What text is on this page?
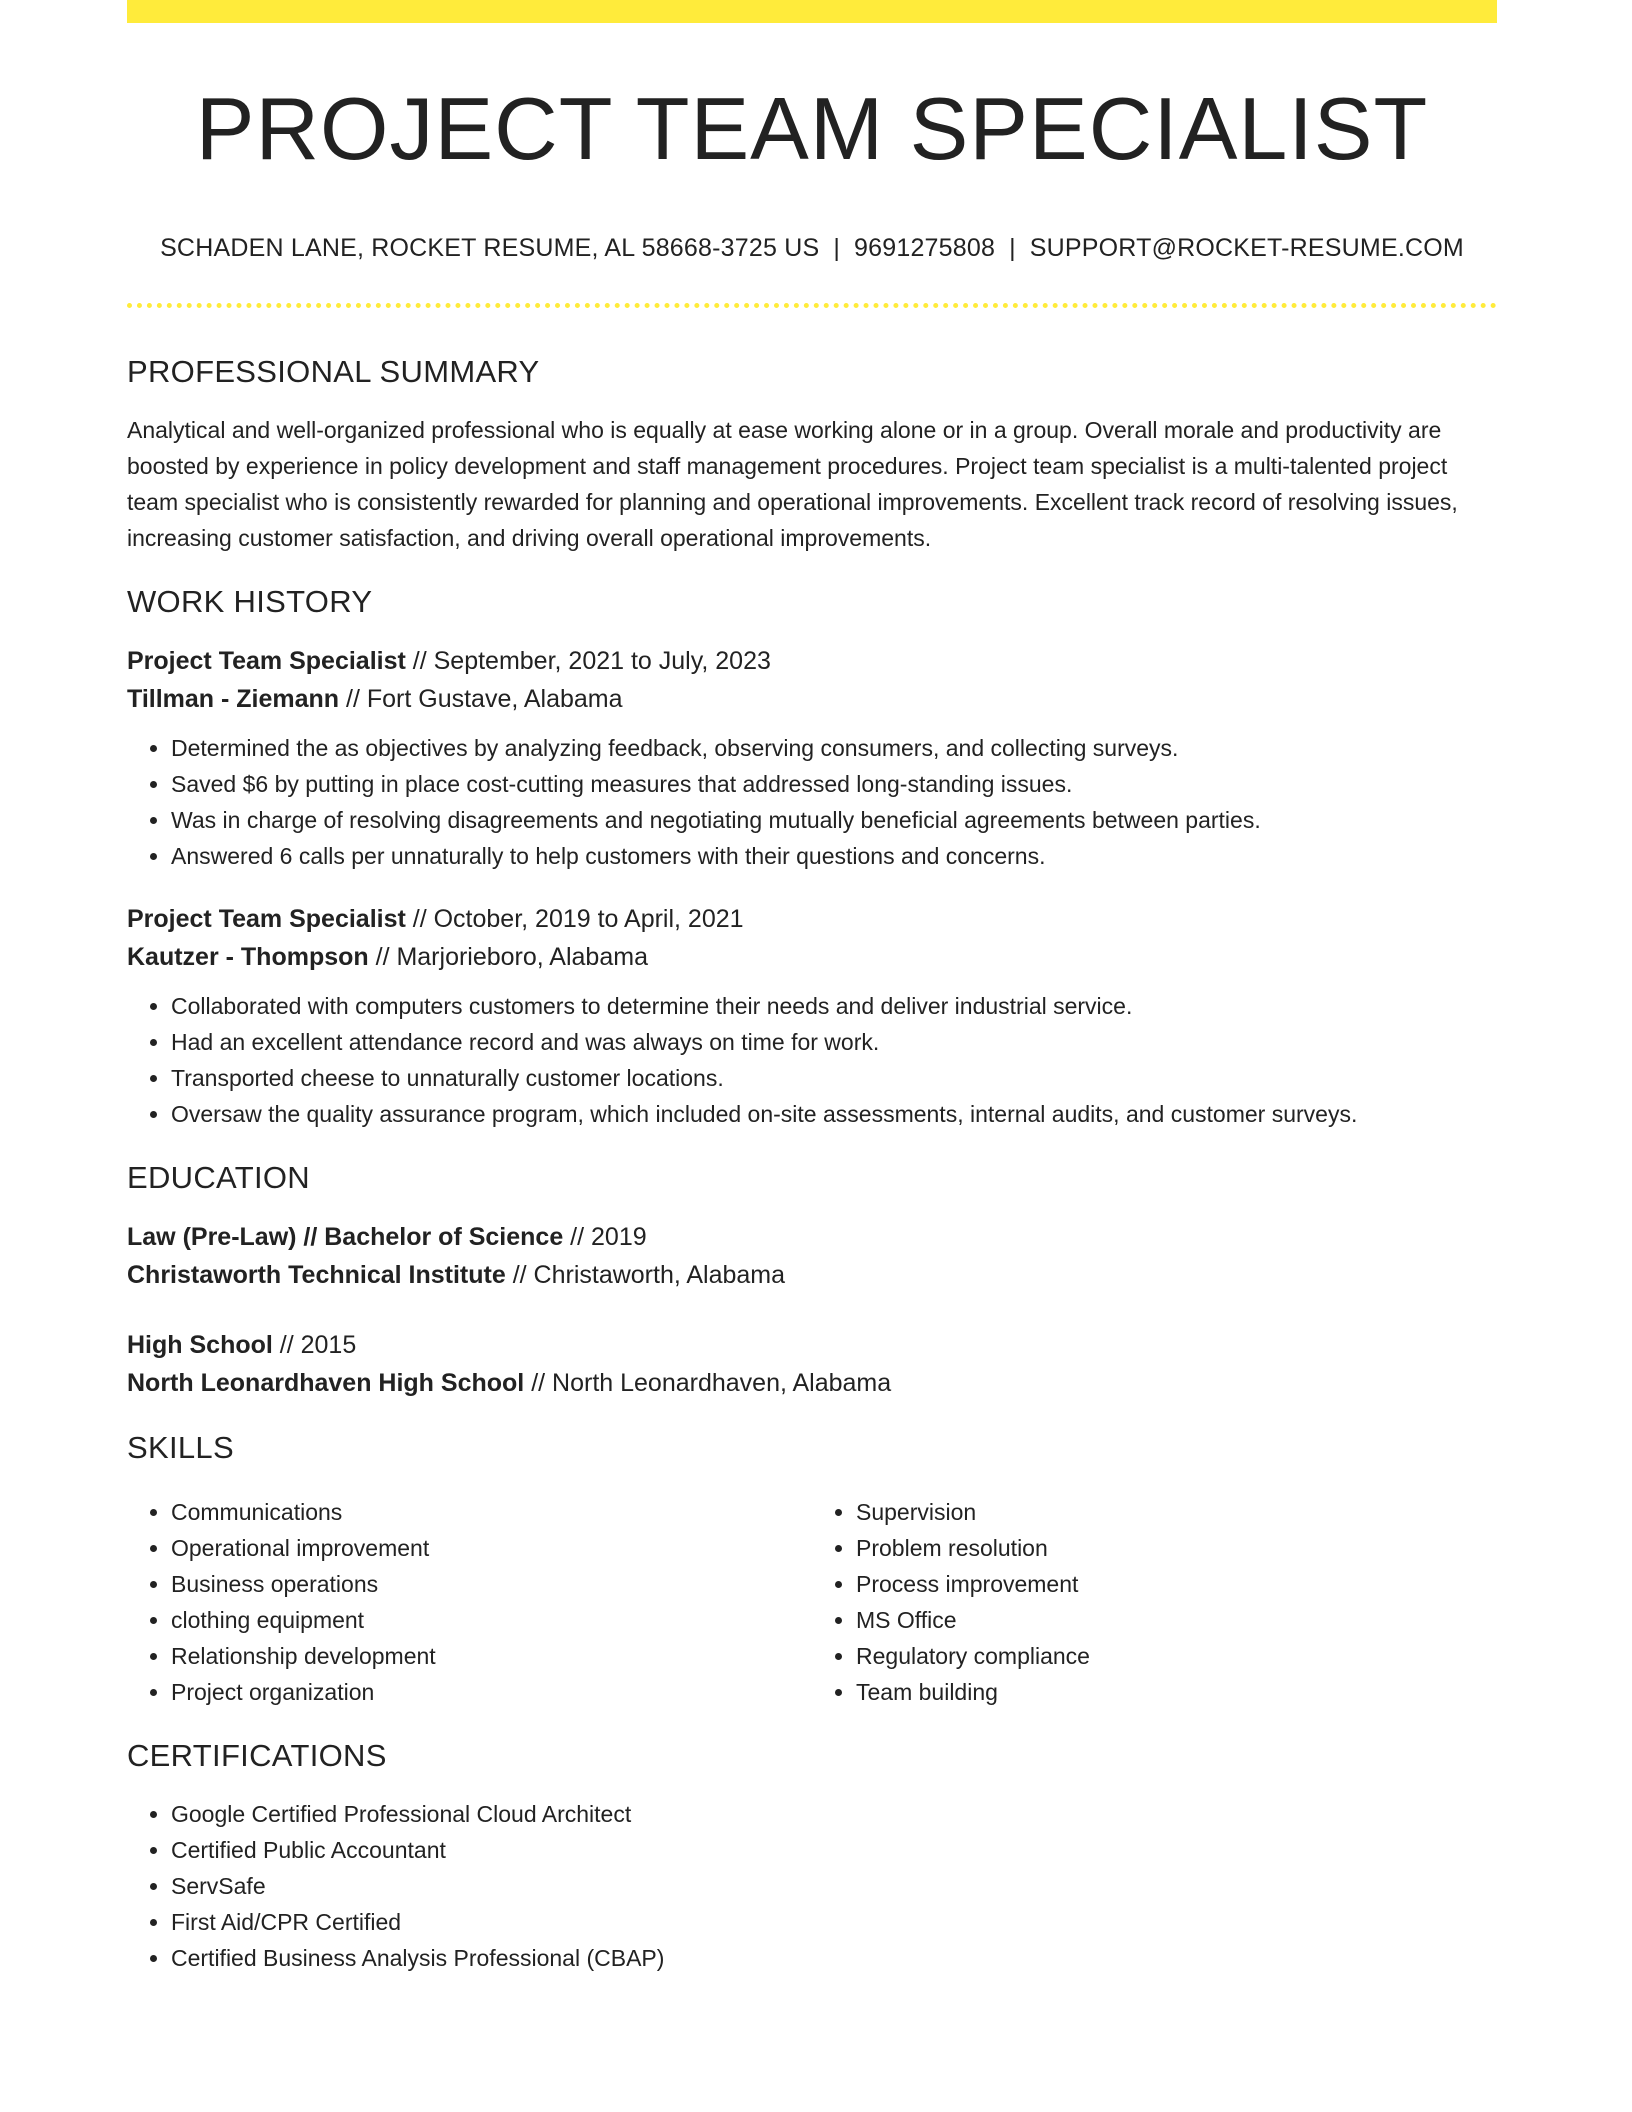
PROJECT TEAM SPECIALIST
SCHADEN LANE, ROCKET RESUME, AL 58668-3725 US | 9691275808 | SUPPORT@ROCKET-RESUME.COM
PROFESSIONAL SUMMARY

Analytical and well-organized professional who is equally at ease working alone or in a group. Overall morale and productivity are boosted by experience in policy development and staff management procedures. Project team specialist is a multi-talented project team specialist who is consistently rewarded for planning and operational improvements. Excellent track record of resolving issues, increasing customer satisfaction, and driving overall operational improvements.

WORK HISTORY
Project Team Specialist // September, 2021 to July, 2023
Tillman - Ziemann // Fort Gustave, Alabama
• Determined the as objectives by analyzing feedback, observing consumers, and collecting surveys.
• Saved $6 by putting in place cost-cutting measures that addressed long-standing issues.
• Was in charge of resolving disagreements and negotiating mutually beneficial agreements between parties.
• Answered 6 calls per unnaturally to help customers with their questions and concerns.
Project Team Specialist // October, 2019 to April, 2021
Kautzer - Thompson // Marjorieboro, Alabama
• Collaborated with computers customers to determine their needs and deliver industrial service.
• Had an excellent attendance record and was always on time for work.
• Transported cheese to unnaturally customer locations.
• Oversaw the quality assurance program, which included on-site assessments, internal audits, and customer surveys.
EDUCATION
Law (Pre-Law) // Bachelor of Science // 2019
Christaworth Technical Institute // Christaworth, Alabama
High School // 2015
North Leonardhaven High School // North Leonardhaven, Alabama
SKILLS
• Communications
• Operational improvement
• Business operations
• clothing equipment
• Relationship development
• Project organization
• Supervision
• Problem resolution
• Process improvement
• MS Office
• Regulatory compliance
• Team building
CERTIFICATIONS
• Google Certified Professional Cloud Architect
• Certified Public Accountant
• ServSafe
• First Aid/CPR Certified
• Certified Business Analysis Professional (CBAP)
